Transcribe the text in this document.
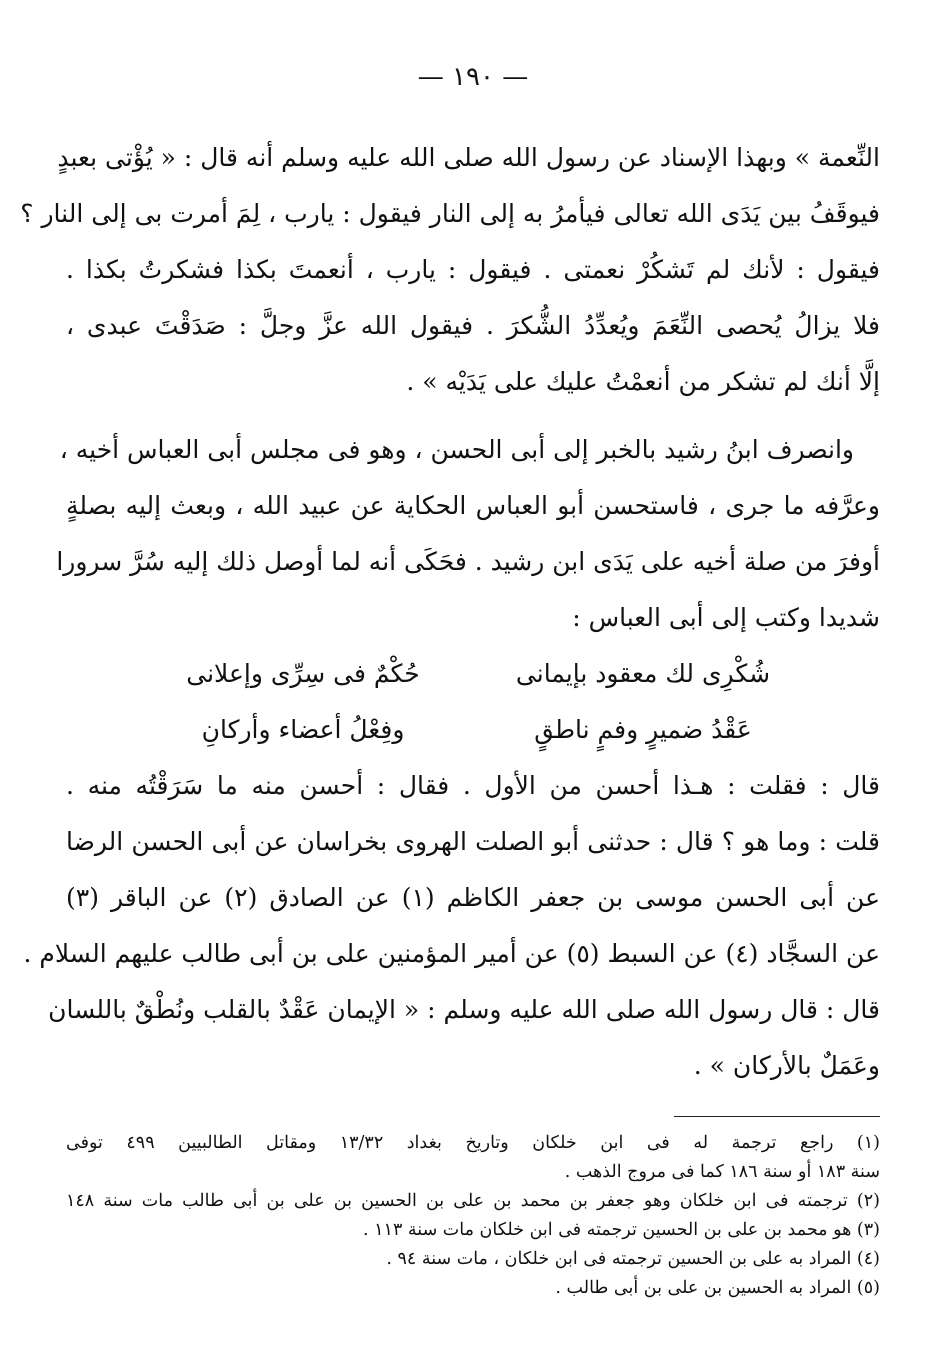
— ١٩٠ —
النِّعمة » وبهذا الإسناد عن رسول الله صلى الله عليه وسلم أنه قال : « يُؤْتى بعبدٍ
فيوقَفُ بين يَدَى الله تعالى فيأمرُ به إلى النار فيقول : يارب ، لِمَ أمرت بى إلى النار ؟
فيقول : لأنك لم تَشكُرْ نعمتى . فيقول : يارب ، أنعمتَ بكذا فشكرتُ بكذا .
فلا يزالُ يُحصى النِّعَمَ ويُعدِّدُ الشُّكرَ . فيقول الله عزَّ وجلَّ : صَدَقْتَ عبدى ،
إلَّا أنك لم تشكر من أنعمْتُ عليك على يَدَيْه » .
وانصرف ابنُ رشيد بالخبر إلى أبى الحسن ، وهو فى مجلس أبى العباس أخيه ،
وعرَّفه ما جرى ، فاستحسن أبو العباس الحكاية عن عبيد الله ، وبعث إليه بصلةٍ
أوفرَ من صلة أخيه على يَدَى ابن رشيد . فحَكَى أنه لما أوصل ذلك إليه سُرَّ سرورا
شديدا وكتب إلى أبى العباس :
شُكْرِى لك معقود بإيمانى
حُكْمٌ فى سِرِّى وإعلانى
عَقْدُ ضميرٍ وفمٍ ناطقٍ
وفِعْلُ أعضاء وأركانِ
قال : فقلت : هـذا أحسن من الأول . فقال : أحسن منه ما سَرَقْتُه منه .
قلت : وما هو ؟ قال : حدثنى أبو الصلت الهروى بخراسان عن أبى الحسن الرضا
عن أبى الحسن موسى بن جعفر الكاظم (١) عن الصادق (٢) عن الباقر (٣)
عن السجَّاد (٤) عن السبط (٥) عن أمير المؤمنين على بن أبى طالب عليهم السلام .
قال : قال رسول الله صلى الله عليه وسلم : « الإيمان عَقْدٌ بالقلب ونُطْقٌ باللسان
وعَمَلٌ بالأركان » .
(١) راجع ترجمة له فى ابن خلكان وتاريخ بغداد ١٣/٣٢ ومقاتل الطالبيين ٤٩٩ توفى
سنة ١٨٣ أو سنة ١٨٦ كما فى مروج الذهب .
(٢) ترجمته فى ابن خلكان وهو جعفر بن محمد بن على بن الحسين بن على بن أبى طالب مات سنة ١٤٨
(٣) هو محمد بن على بن الحسين ترجمته فى ابن خلكان مات سنة ١١٣ .
(٤) المراد به على بن الحسين ترجمته فى ابن خلكان ، مات سنة ٩٤ .
(٥) المراد به الحسين بن على بن أبى طالب .
